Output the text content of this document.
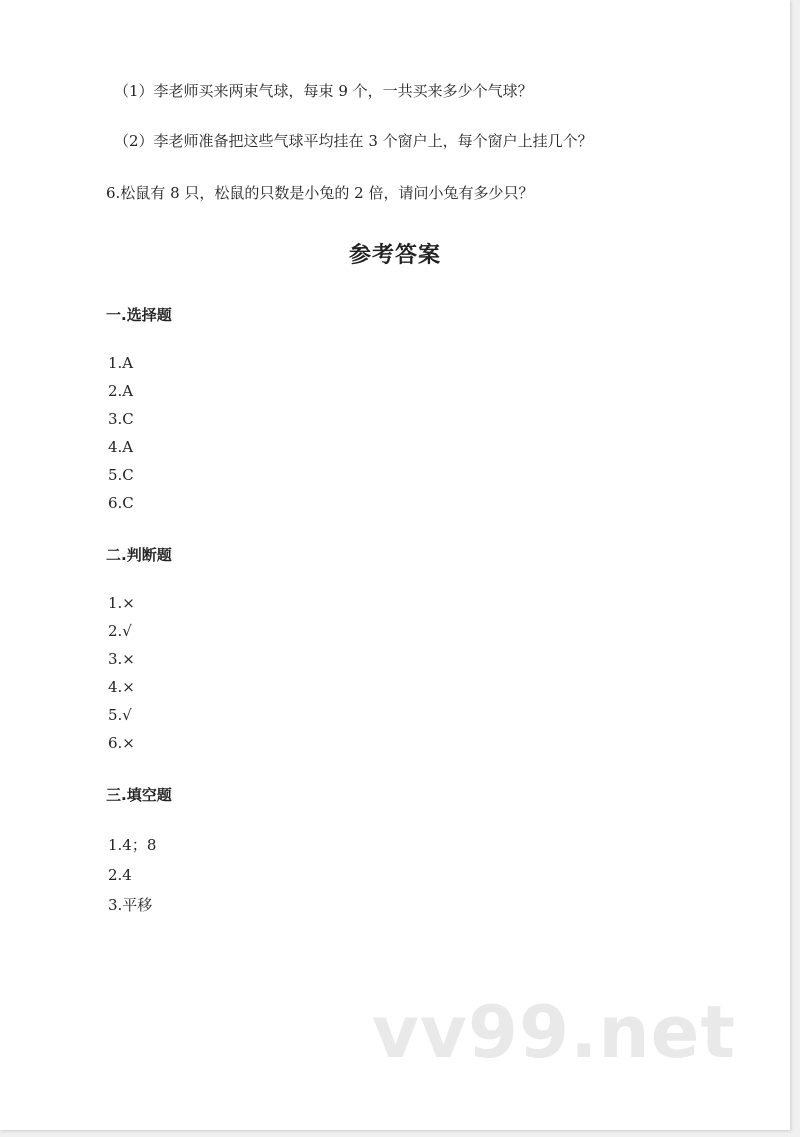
（1）李老师买来两束气球，每束 9 个，一共买来多少个气球？
（2）李老师准备把这些气球平均挂在 3 个窗户上，每个窗户上挂几个？
6.松鼠有 8 只，松鼠的只数是小兔的 2 倍，请问小兔有多少只？
参考答案
一.选择题
1.A
2.A
3.C
4.A
5.C
6.C
二.判断题
1.×
2.√
3.×
4.×
5.√
6.×
三.填空题
1.4；8
2.4
3.平移
vv99.net
